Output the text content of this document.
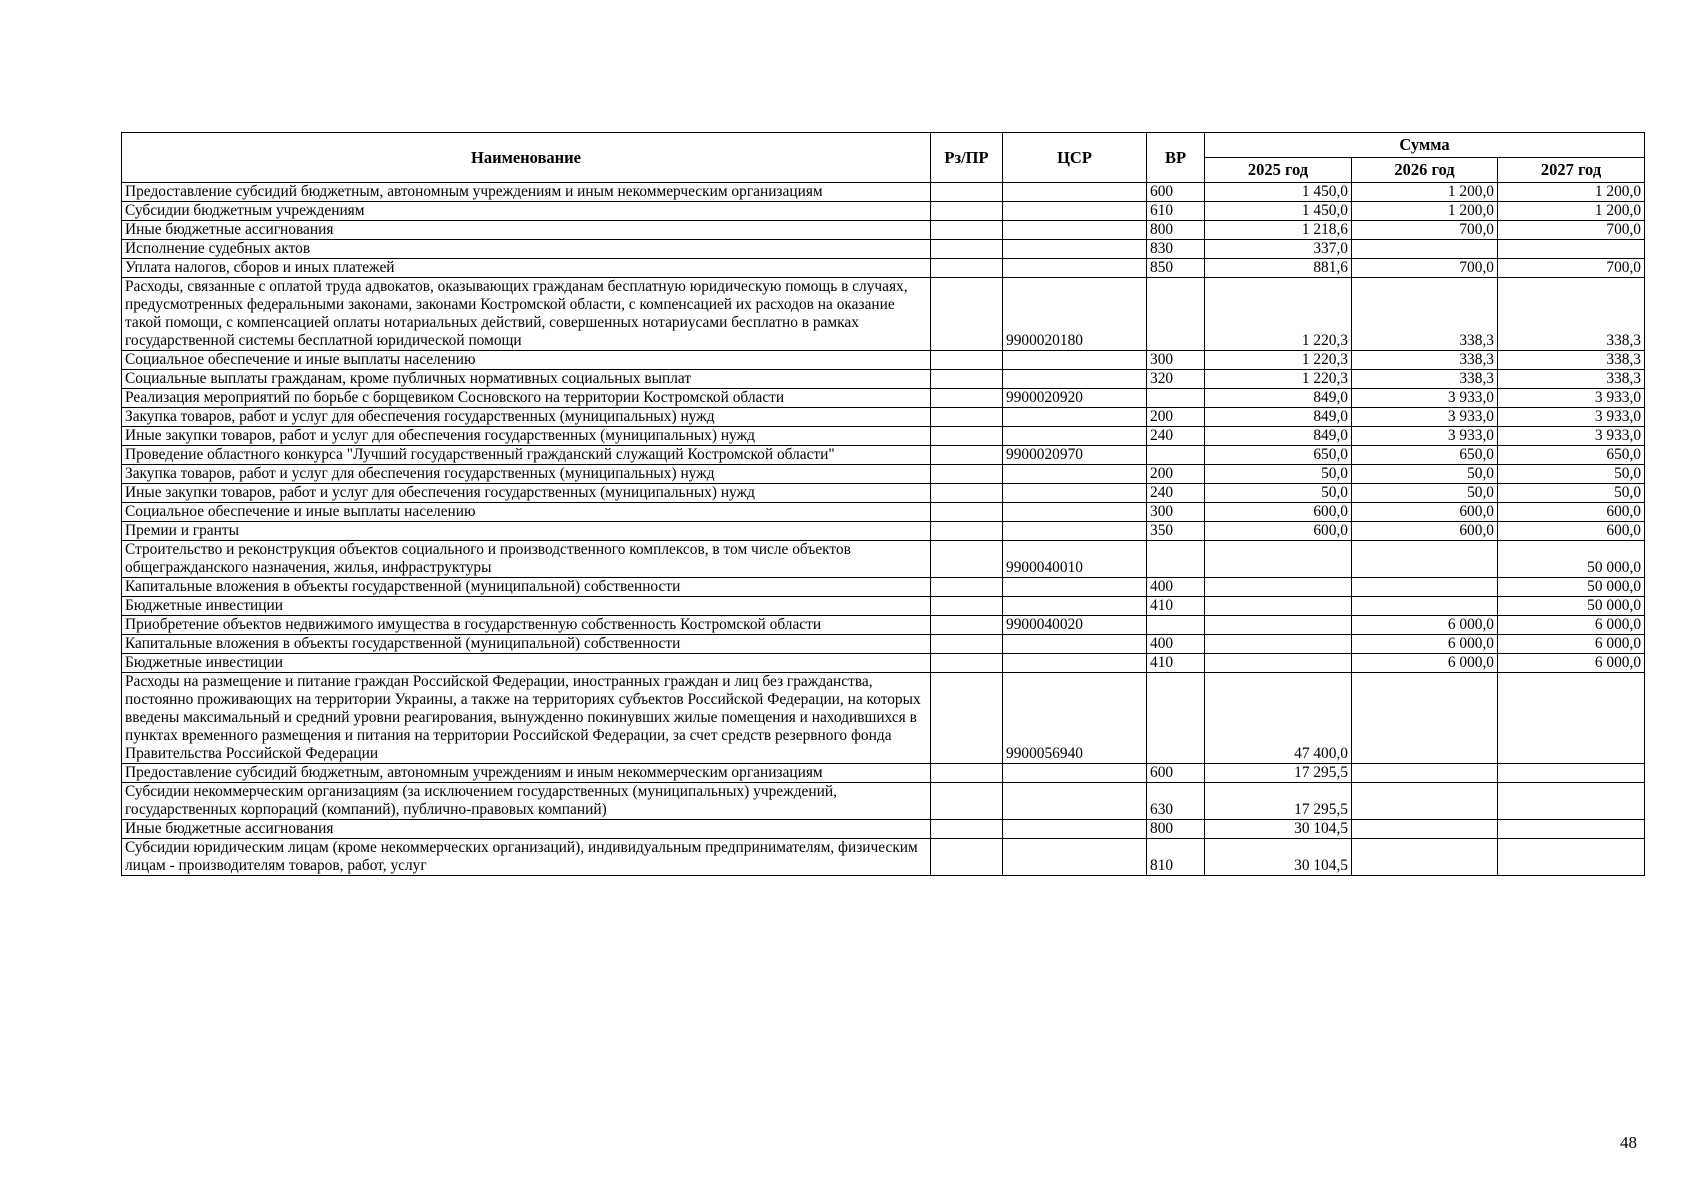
Наименование	Рз/ПР	ЦСР	ВР	Сумма		
				2025 год	2026 год	2027 год
Предоставление субсидий бюджетным, автономным учреждениям и иным некоммерческим организациям			600	1 450,0	1 200,0	1 200,0
Субсидии бюджетным учреждениям			610	1 450,0	1 200,0	1 200,0
Иные бюджетные ассигнования			800	1 218,6	700,0	700,0
Исполнение судебных актов			830	337,0		
Уплата налогов, сборов и иных платежей			850	881,6	700,0	700,0
Расходы, связанные с оплатой труда адвокатов, оказывающих гражданам бесплатную юридическую помощь в случаях, предусмотренных федеральными законами, законами Костромской области, с компенсацией их расходов на оказание такой помощи, с компенсацией оплаты нотариальных действий, совершенных нотариусами бесплатно в рамках государственной системы бесплатной юридической помощи		9900020180		1 220,3	338,3	338,3
Социальное обеспечение и иные выплаты населению			300	1 220,3	338,3	338,3
Социальные выплаты гражданам, кроме публичных нормативных социальных выплат			320	1 220,3	338,3	338,3
Реализация мероприятий по борьбе с борщевиком Сосновского на территории Костромской области		9900020920		849,0	3 933,0	3 933,0
Закупка товаров, работ и услуг для обеспечения государственных (муниципальных) нужд			200	849,0	3 933,0	3 933,0
Иные закупки товаров, работ и услуг для обеспечения государственных (муниципальных) нужд			240	849,0	3 933,0	3 933,0
Проведение областного конкурса "Лучший государственный гражданский служащий Костромской области"		9900020970		650,0	650,0	650,0
Закупка товаров, работ и услуг для обеспечения государственных (муниципальных) нужд			200	50,0	50,0	50,0
Иные закупки товаров, работ и услуг для обеспечения государственных (муниципальных) нужд			240	50,0	50,0	50,0
Социальное обеспечение и иные выплаты населению			300	600,0	600,0	600,0
Премии и гранты			350	600,0	600,0	600,0
Строительство и реконструкция объектов социального и производственного комплексов, в том числе объектов общегражданского назначения, жилья, инфраструктуры		9900040010				50 000,0
Капитальные вложения в объекты государственной (муниципальной) собственности			400			50 000,0
Бюджетные инвестиции			410			50 000,0
Приобретение объектов недвижимого имущества в государственную собственность Костромской области		9900040020			6 000,0	6 000,0
Капитальные вложения в объекты государственной (муниципальной) собственности			400		6 000,0	6 000,0
Бюджетные инвестиции			410		6 000,0	6 000,0
Расходы на размещение и питание граждан Российской Федерации, иностранных граждан и лиц без гражданства, постоянно проживающих на территории Украины, а также на территориях субъектов Российской Федерации, на которых введены максимальный и средний уровни реагирования, вынужденно покинувших жилые помещения и находившихся в пунктах временного размещения и питания на территории Российской Федерации, за счет средств резервного фонда Правительства Российской Федерации		9900056940		47 400,0		
Предоставление субсидий бюджетным, автономным учреждениям и иным некоммерческим организациям			600	17 295,5		
Субсидии некоммерческим организациям (за исключением государственных (муниципальных) учреждений, государственных корпораций (компаний), публично-правовых компаний)			630	17 295,5		
Иные бюджетные ассигнования			800	30 104,5		
Субсидии юридическим лицам (кроме некоммерческих организаций), индивидуальным предпринимателям, физическим лицам - производителям товаров, работ, услуг			810	30 104,5		
48
